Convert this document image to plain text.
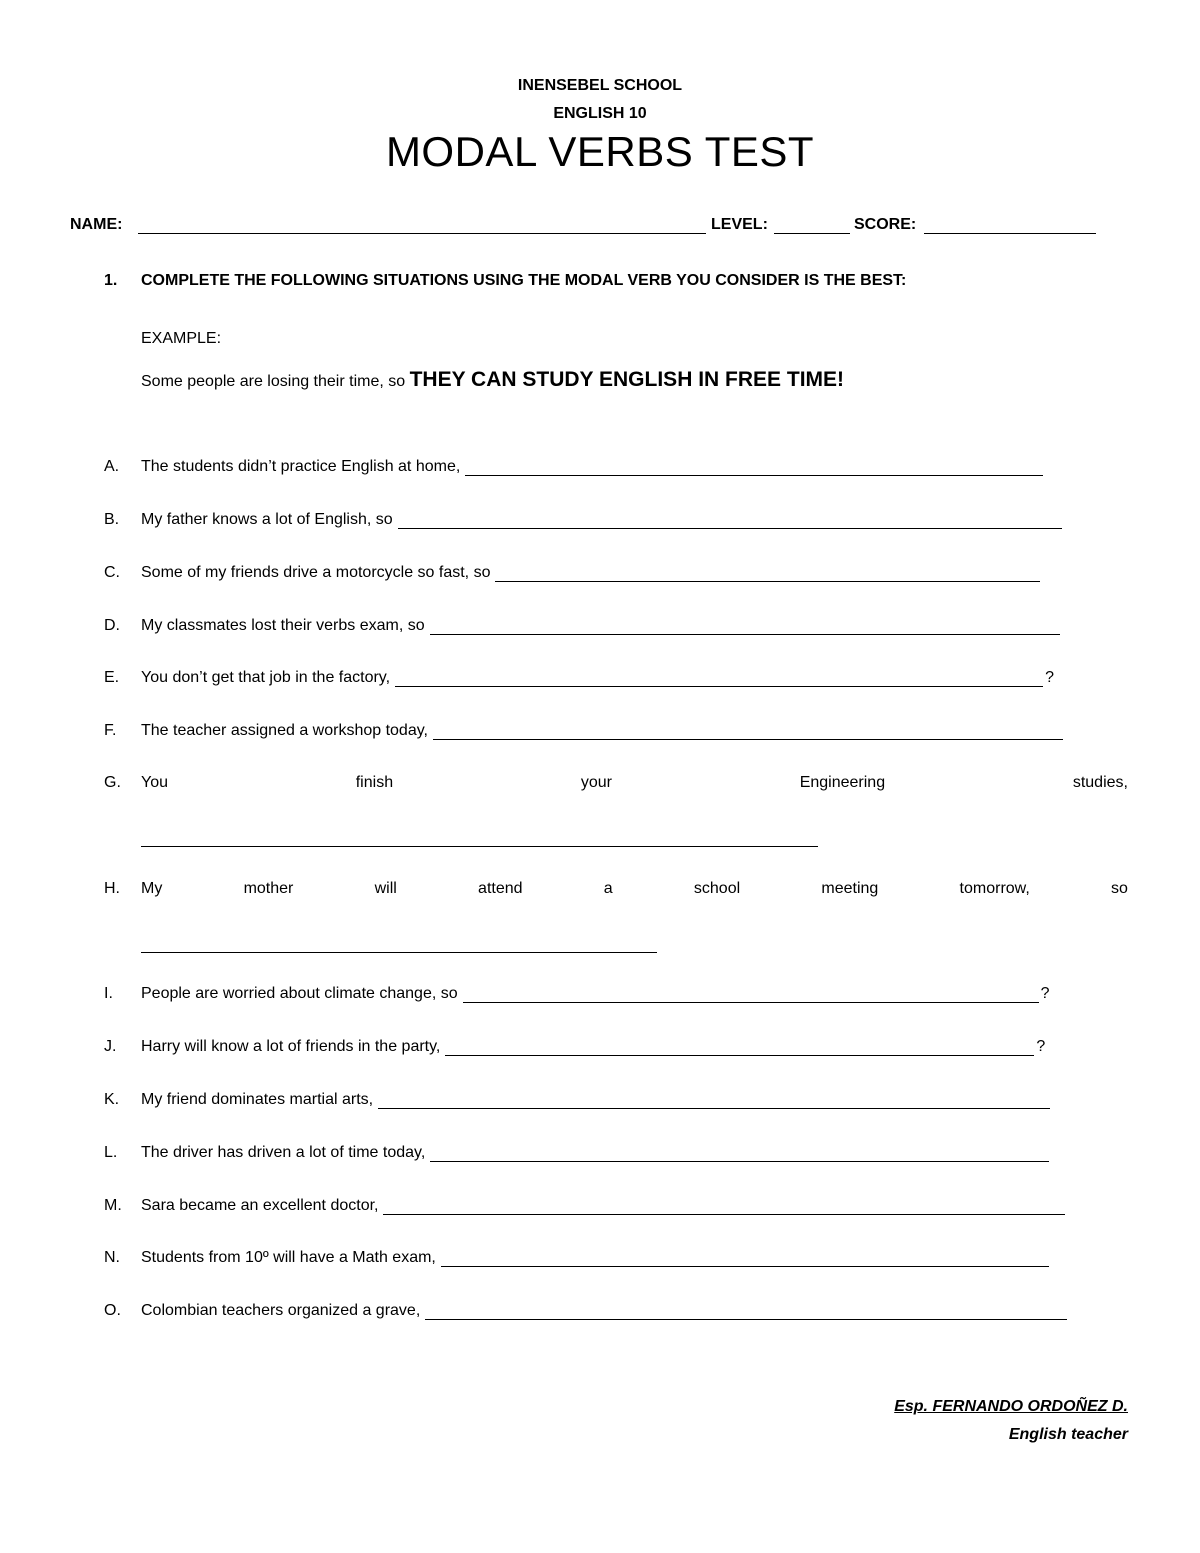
INENSEBEL SCHOOL
ENGLISH 10
MODAL VERBS TEST
NAME:	LEVEL:	SCORE:
1. COMPLETE THE FOLLOWING SITUATIONS USING THE MODAL VERB YOU CONSIDER IS THE BEST:
EXAMPLE:
Some people are losing their time, so THEY CAN STUDY ENGLISH IN FREE TIME!
A.	The students didn’t practice English at home,
B.	My father knows a lot of English, so
C.	Some of my friends drive a motorcycle so fast, so
D.	My classmates lost their verbs exam, so
E.	You don’t get that job in the factory,	?
F.	The teacher assigned a workshop today,
G. You	finish	your	Engineering	studies,
H. My	mother	will	attend	a	school	meeting	tomorrow,	so
I.	People are worried about climate change, so	?
J.	Harry will know a lot of friends in the party,	?
K.	My friend dominates martial arts,
L.	The driver has driven a lot of time today,
M.	Sara became an excellent doctor,
N.	Students from 10º will have a Math exam,
O.	Colombian teachers organized a grave,
Esp. FERNANDO ORDOÑEZ D.
English teacher
